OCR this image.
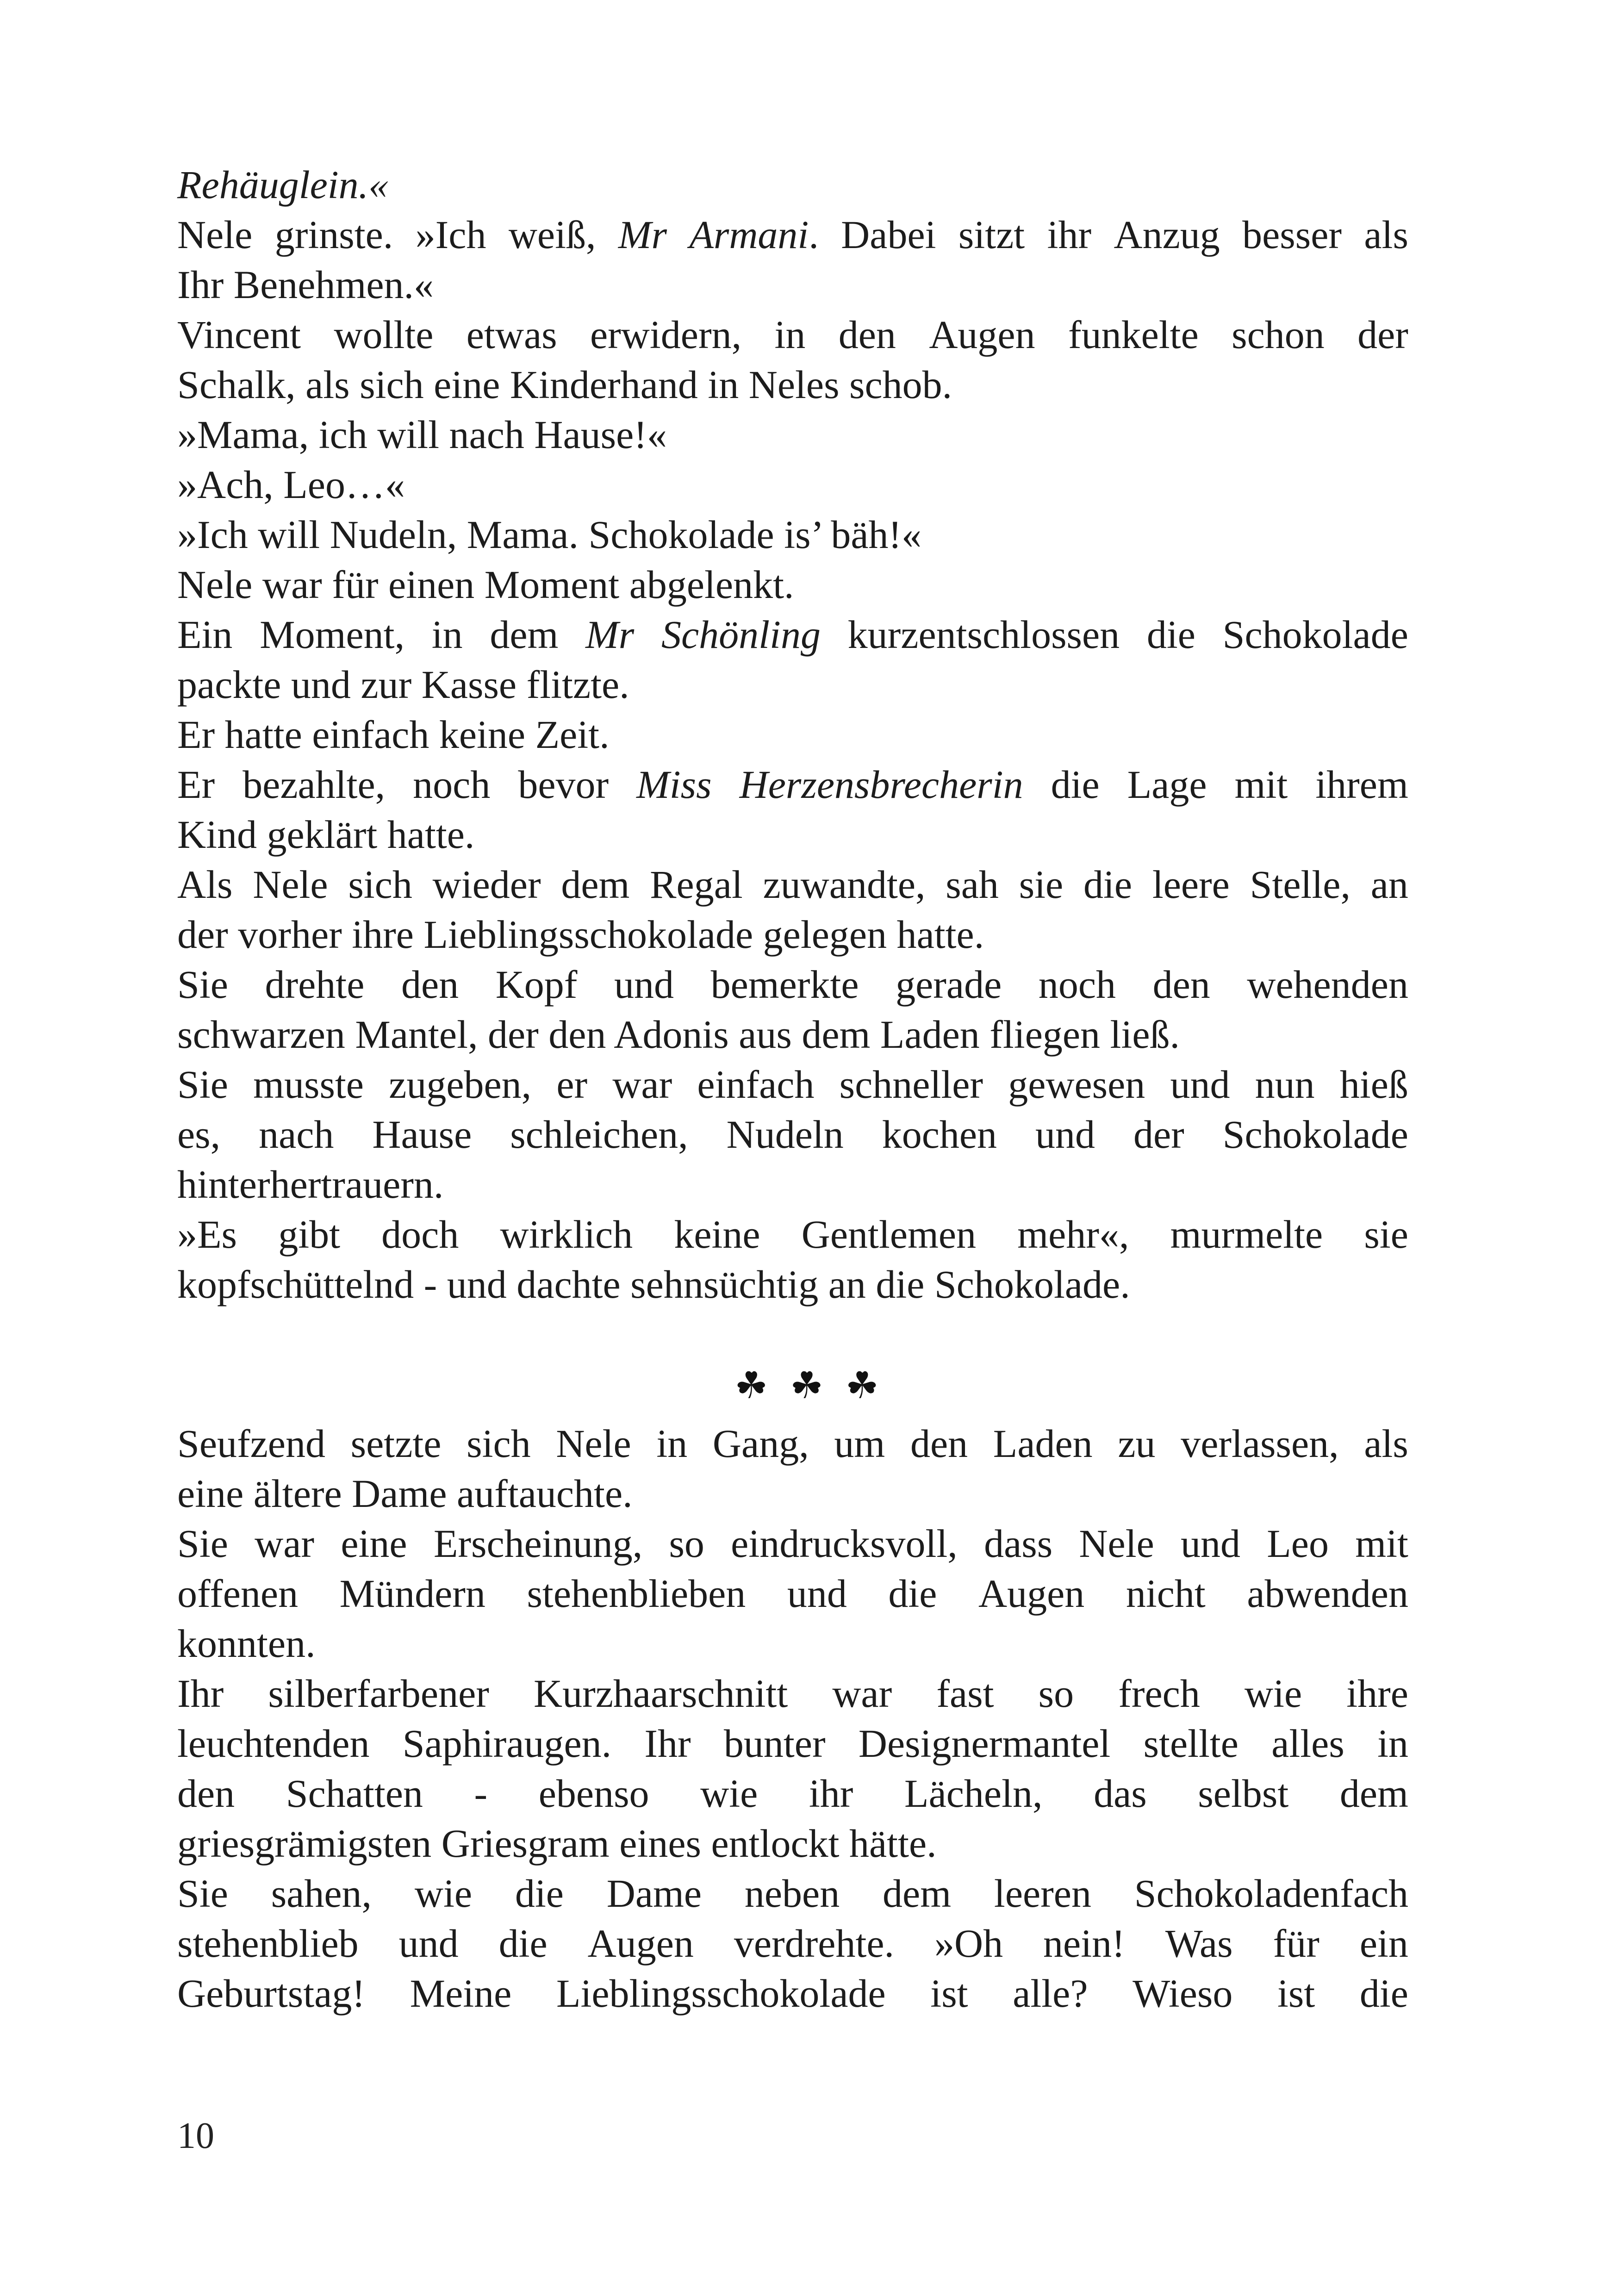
Rehäuglein.«
Nele grinste. »Ich weiß, Mr Armani. Dabei sitzt ihr Anzug besser als
Ihr Benehmen.«
Vincent wollte etwas erwidern, in den Augen funkelte schon der
Schalk, als sich eine Kinderhand in Neles schob.
»Mama, ich will nach Hause!«
»Ach, Leo…«
»Ich will Nudeln, Mama. Schokolade is’ bäh!«
Nele war für einen Moment abgelenkt.
Ein Moment, in dem Mr Schönling kurzentschlossen die Schokolade
packte und zur Kasse flitzte.
Er hatte einfach keine Zeit.
Er bezahlte, noch bevor Miss Herzensbrecherin die Lage mit ihrem
Kind geklärt hatte.
Als Nele sich wieder dem Regal zuwandte, sah sie die leere Stelle, an
der vorher ihre Lieblingsschokolade gelegen hatte.
Sie drehte den Kopf und bemerkte gerade noch den wehenden
schwarzen Mantel, der den Adonis aus dem Laden fliegen ließ.
Sie musste zugeben, er war einfach schneller gewesen und nun hieß
es, nach Hause schleichen, Nudeln kochen und der Schokolade
hinterhertrauern.
»Es gibt doch wirklich keine Gentlemen mehr«, murmelte sie
kopfschüttelnd - und dachte sehnsüchtig an die Schokolade.
☘ ☘ ☘
Seufzend setzte sich Nele in Gang, um den Laden zu verlassen, als
eine ältere Dame auftauchte.
Sie war eine Erscheinung, so eindrucksvoll, dass Nele und Leo mit
offenen Mündern stehenblieben und die Augen nicht abwenden
konnten.
Ihr silberfarbener Kurzhaarschnitt war fast so frech wie ihre
leuchtenden Saphiraugen. Ihr bunter Designermantel stellte alles in
den Schatten - ebenso wie ihr Lächeln, das selbst dem
griesgrämigsten Griesgram eines entlockt hätte.
Sie sahen, wie die Dame neben dem leeren Schokoladenfach
stehenblieb und die Augen verdrehte. »Oh nein! Was für ein
Geburtstag! Meine Lieblingsschokolade ist alle? Wieso ist die
10
